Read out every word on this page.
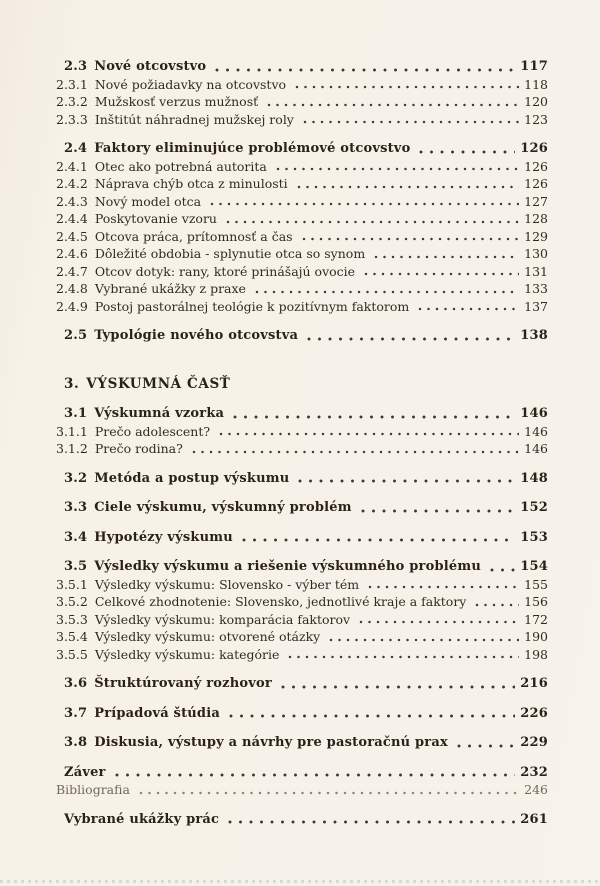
2.3 Nové otcovstvo	117
2.3.1 Nové požiadavky na otcovstvo	118
2.3.2 Mužskosť verzus mužnosť	120
2.3.3 Inštitút náhradnej mužskej roly	123
2.4 Faktory eliminujúce problémové otcovstvo	126
2.4.1 Otec ako potrebná autorita	126
2.4.2 Náprava chýb otca z minulosti	126
2.4.3 Nový model otca	127
2.4.4 Poskytovanie vzoru	128
2.4.5 Otcova práca, prítomnosť a čas	129
2.4.6 Dôležité obdobia - splynutie otca so synom	130
2.4.7 Otcov dotyk: rany, ktoré prinášajú ovocie	131
2.4.8 Vybrané ukážky z praxe	133
2.4.9 Postoj pastorálnej teológie k pozitívnym faktorom	137
2.5 Typológie nového otcovstva	138
3. VÝSKUMNÁ ČASŤ
3.1 Výskumná vzorka	146
3.1.1 Prečo adolescent?	146
3.1.2 Prečo rodina?	146
3.2 Metóda a postup výskumu	148
3.3 Ciele výskumu, výskumný problém	152
3.4 Hypotézy výskumu	153
3.5 Výsledky výskumu a riešenie výskumného problému	154
3.5.1 Výsledky výskumu: Slovensko - výber tém	155
3.5.2 Celkové zhodnotenie: Slovensko, jednotlivé kraje a faktory	156
3.5.3 Výsledky výskumu: komparácia faktorov	172
3.5.4 Výsledky výskumu: otvorené otázky	190
3.5.5 Výsledky výskumu: kategórie	198
3.6 Štruktúrovaný rozhovor	216
3.7 Prípadová štúdia	226
3.8 Diskusia, výstupy a návrhy pre pastoračnú prax	229
Záver	232
Bibliografia	246
Vybrané ukážky prác	261
